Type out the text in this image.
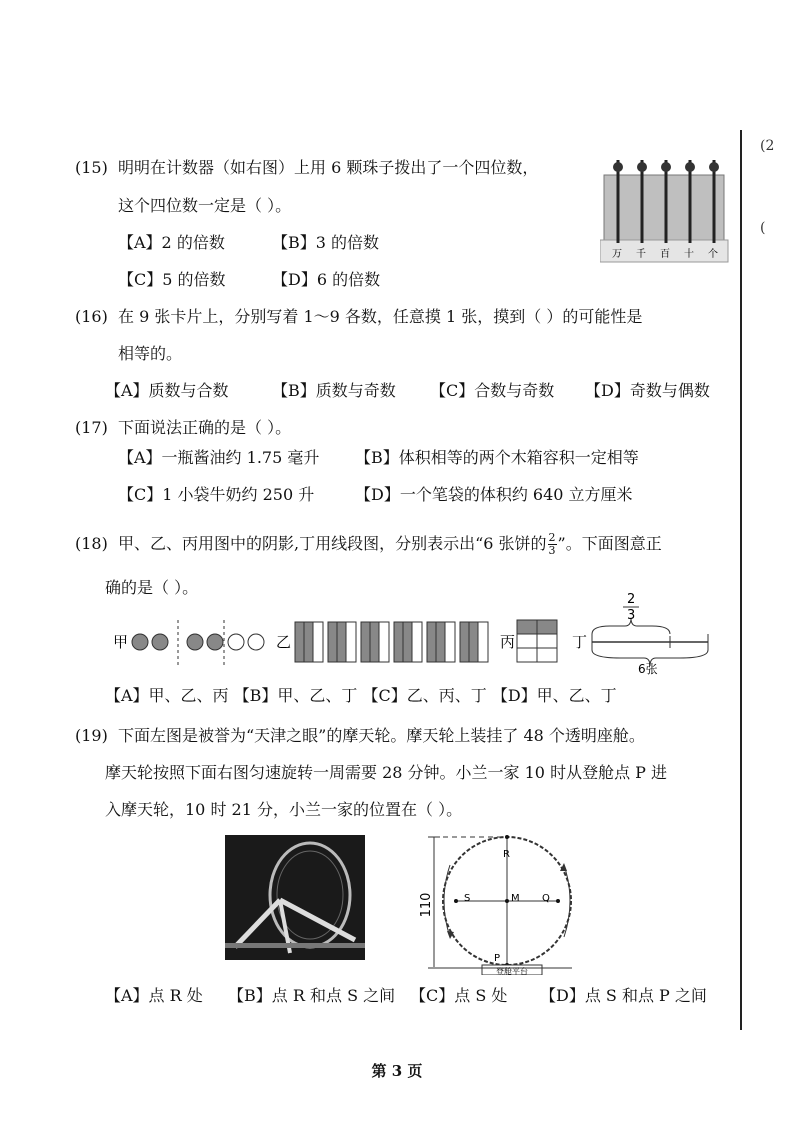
(2
(
(15) 明明在计数器（如右图）上用 6 颗珠子拨出了一个四位数，
这个四位数一定是（ ）。
【A】2 的倍数	【B】3 的倍数
【C】5 的倍数	【D】6 的倍数
万 千 百 十 个
(16) 在 9 张卡片上，分别写着 1～9 各数，任意摸 1 张，摸到（ ）的可能性是
相等的。
【A】质数与合数	【B】质数与奇数 【C】合数与奇数 【D】奇数与偶数
(17) 下面说法正确的是（ ）。
【A】一瓶酱油约 1.75 毫升 【B】体积相等的两个木箱容积一定相等
【C】1 小袋牛奶约 250 升	【D】一个笔袋的体积约 640 立方厘米
(18) 甲、乙、丙用图中的阴影,丁用线段图，分别表示出“6 张饼的 $\frac{2}{3}$ ”。下面图意正
确的是（ ）。
甲	乙	丙	丁
2
3
6张
【A】甲、乙、丙 【B】甲、乙、丁 【C】乙、丙、丁 【D】甲、乙、丁
(19) 下面左图是被誉为“天津之眼”的摩天轮。摩天轮上装挂了 48 个透明座舱。
摩天轮按照下面右图匀速旋转一周需要 28 分钟。小兰一家 10 时从登舱点 P 进
入摩天轮，10 时 21 分，小兰一家的位置在（ ）。
110
R
S	M Q
P
登舱平台
【A】点 R 处 【B】点 R 和点 S 之间 【C】点 S 处 【D】点 S 和点 P 之间
第 3 页
